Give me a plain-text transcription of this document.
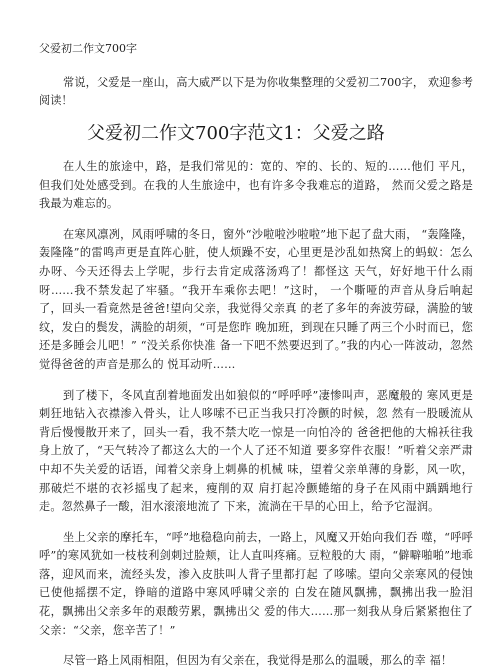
父爱初二作文700字

常说，父爱是一座山，高大威严以下是为你收集整理的父爱初二700字， 欢迎参考阅读！

父爱初二作文700字范文1：父爱之路

在人生的旅途中，路，是我们常见的：宽的、窄的、长的、短的……他们 平凡，但我们处处感受到。在我的人生旅途中，也有许多令我难忘的道路， 然而父爱之路是我最为难忘的。

在寒风凛冽，风雨呼啸的冬日，窗外“沙啦啦沙啦啦”地下起了盘大雨， “轰隆隆，轰隆隆”的雷鸣声更是直阵心脏，使人烦躁不安，心里更是沙乱如热窝上的蚂蚁：怎么办呀、今天还得去上学呢，步行去肯定成落汤鸡了！都怪这 天气，好好地干什么雨呀……我不禁发起了牢骚。“我开车乘你去吧！”这时， 一个嘶哑的声音从身后响起了，回头一看竟然是爸爸!望向父亲，我觉得父亲真 的老了多年的奔波劳碌，满脸的皱纹，发白的鬓发，满脸的胡须，“可是您昨 晚加班，到现在只睡了两三个小时而已，您还是多睡会儿吧！” “没关系你快准 备一下吧不然要迟到了。”我的内心一阵波动，忽然觉得爸爸的声音是那么的 悦耳动听……

到了楼下，冬风直刮着地面发出如狼似的“呼呼呼”凄惨叫声，恶魔般的 寒风更是刺狂地钻入衣襟渗入骨头，让人哆嗦不已正当我只打冷颤的时候，忽 然有一股暖流从背后慢慢散开来了，回头一看，我不禁大吃一惊是一向怕冷的 爸爸把他的大棉袄往我身上放了，“天气转冷了都这么大的一个人了还不知道 要多穿件衣服！”听着父亲严肃中却不失关爱的话语，闻着父亲身上刺鼻的机械 味，望着父亲单薄的身影，风一吹，那破烂不堪的衣衫摇曳了起来，瘦削的双 肩打起冷颤蜷缩的身子在风雨中踽踽地行走。忽然鼻子一酸，泪水滚滚地流了 下来，流淌在干旱的心田上，给予它湿润。

坐上父亲的摩托车，“呼”地稳稳向前去，一路上，风魔又开始向我们吞 噬，“呼呼呼”的寒风犹如一枝枝利剑刺过脸颊，让人直叫疼痛。豆粒般的大 雨，“僻噼啪啪”地乖落，迎风而来，流经头发，渗入皮肤叫人背子里都打起 了哆嗦。望向父亲寒风的侵蚀已使他摇摆不定，铮暗的道路中寒风呼啸父亲的 白发在随风飘拂，飘拂出我一脸泪花，飘拂出父亲多年的艰酸劳累，飘拂出父 爱的伟大……那一刻我从身后紧紧抱住了父亲：“父亲，您辛苦了！”

尽管一路上风雨相阻，但因为有父亲在，我觉得是那么的温暖，那么的幸 福！
